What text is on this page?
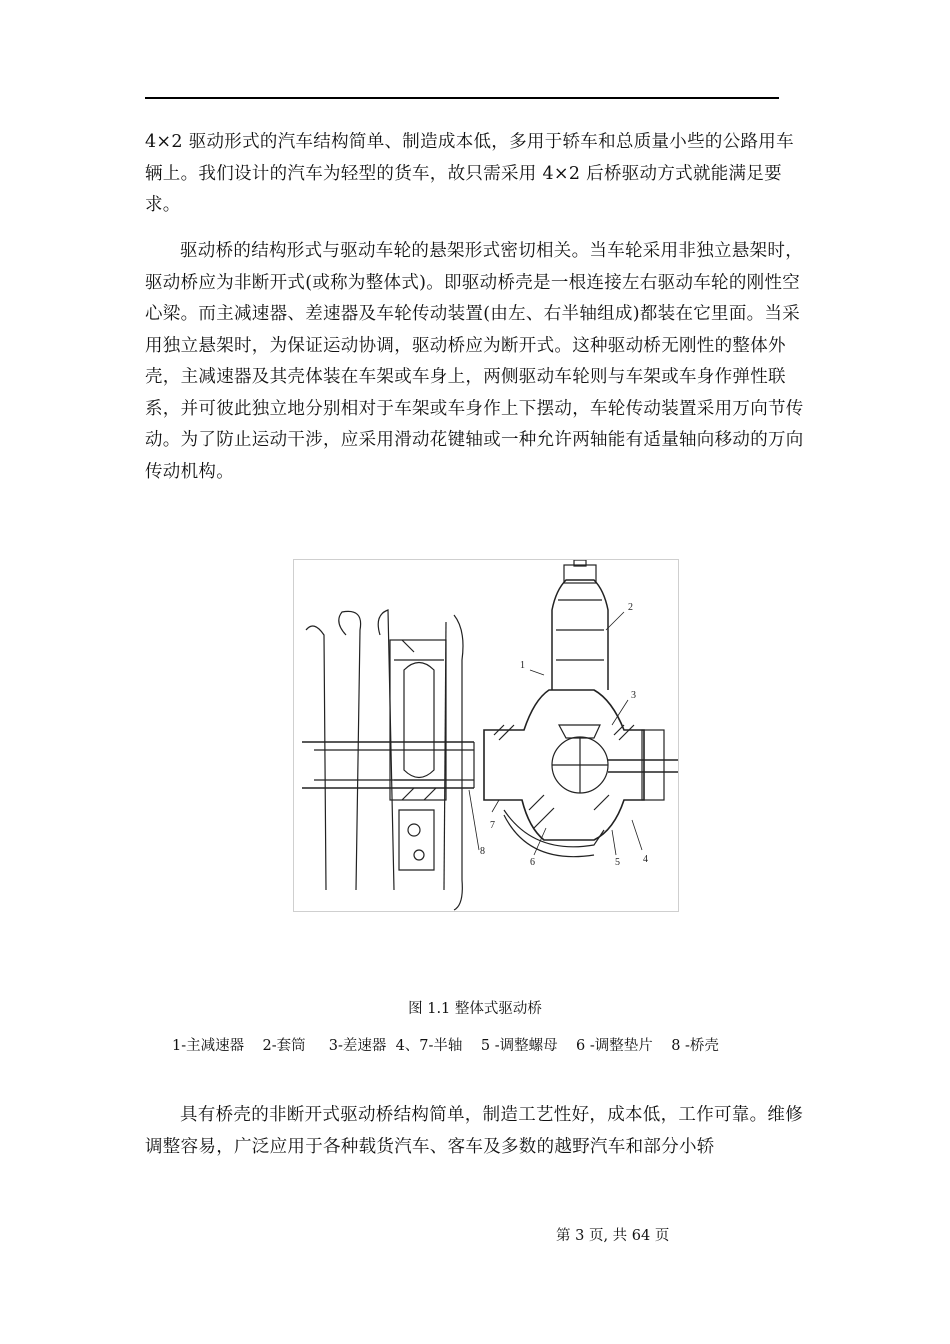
4×2 驱动形式的汽车结构简单、制造成本低，多用于轿车和总质量小些的公路用车辆上。我们设计的汽车为轻型的货车，故只需采用 4×2 后桥驱动方式就能满足要求。

驱动桥的结构形式与驱动车轮的悬架形式密切相关。当车轮采用非独立悬架时，驱动桥应为非断开式(或称为整体式)。即驱动桥壳是一根连接左右驱动车轮的刚性空心梁。而主减速器、差速器及车轮传动装置(由左、右半轴组成)都装在它里面。当采用独立悬架时，为保证运动协调，驱动桥应为断开式。这种驱动桥无刚性的整体外壳，主减速器及其壳体装在车架或车身上，两侧驱动车轮则与车架或车身作弹性联系，并可彼此独立地分别相对于车架或车身作上下摆动，车轮传动装置采用万向节传动。为了防止运动干涉，应采用滑动花键轴或一种允许两轴能有适量轴向移动的万向传动机构。

1
2
3
4
5
6
7
8

图 1.1 整体式驱动桥

1-主减速器    2-套筒     3-差速器  4、7-半轴    5 -调整螺母    6 -调整垫片    8 -桥壳

具有桥壳的非断开式驱动桥结构简单，制造工艺性好，成本低，工作可靠。维修调整容易，广泛应用于各种载货汽车、客车及多数的越野汽车和部分小轿

第 3 页, 共 64 页
